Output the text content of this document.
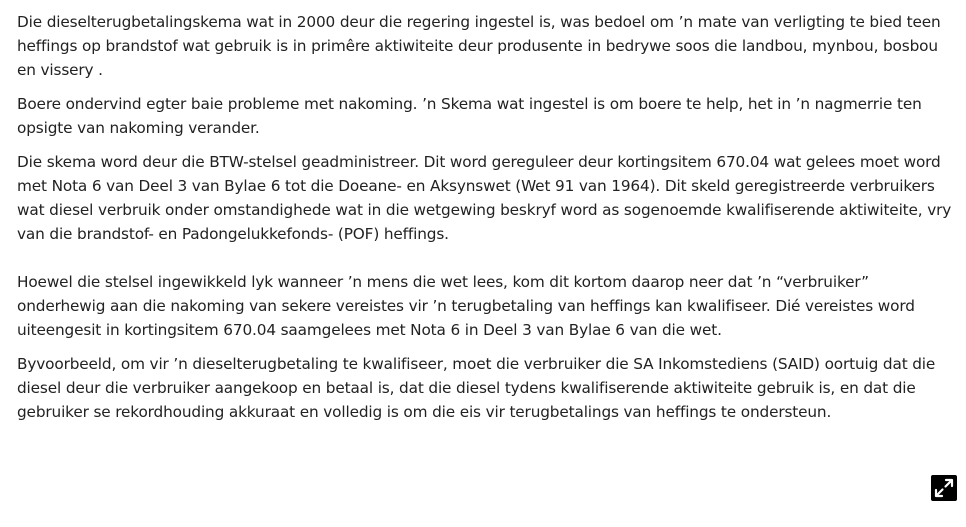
Die dieselterugbetalingskema wat in 2000 deur die regering ingestel is, was bedoel om ’n mate van verligting te bied teen heffings op brandstof wat gebruik is in primêre aktiwiteite deur produsente in bedrywe soos die landbou, mynbou, bosbou en vissery .

Boere ondervind egter baie probleme met nakoming. ’n Skema wat ingestel is om boere te help, het in ’n nagmerrie ten opsigte van nakoming verander.

Die skema word deur die BTW-stelsel geadministreer. Dit word gereguleer deur kortingsitem 670.04 wat gelees moet word met Nota 6 van Deel 3 van Bylae 6 tot die Doeane- en Aksynswet (Wet 91 van 1964). Dit skeld geregistreerde verbruikers wat diesel verbruik onder omstandighede wat in die wetgewing beskryf word as sogenoemde kwalifiserende aktiwiteite, vry van die brandstof- en Padongelukkefonds- (POF) heffings.

Hoewel die stelsel ingewikkeld lyk wanneer ’n mens die wet lees, kom dit kortom daarop neer dat ’n “verbruiker” onderhewig aan die nakoming van sekere vereistes vir ’n terugbetaling van heffings kan kwalifiseer. Dié vereistes word uiteengesit in kortingsitem 670.04 saamgelees met Nota 6 in Deel 3 van Bylae 6 van die wet.

Byvoorbeeld, om vir ’n dieselterugbetaling te kwalifiseer, moet die verbruiker die SA Inkomstediens (SAID) oortuig dat die diesel deur die verbruiker aangekoop en betaal is, dat die diesel tydens kwalifiserende aktiwiteite gebruik is, en dat die gebruiker se rekordhouding akkuraat en volledig is om die eis vir terugbetalings van heffings te ondersteun.
